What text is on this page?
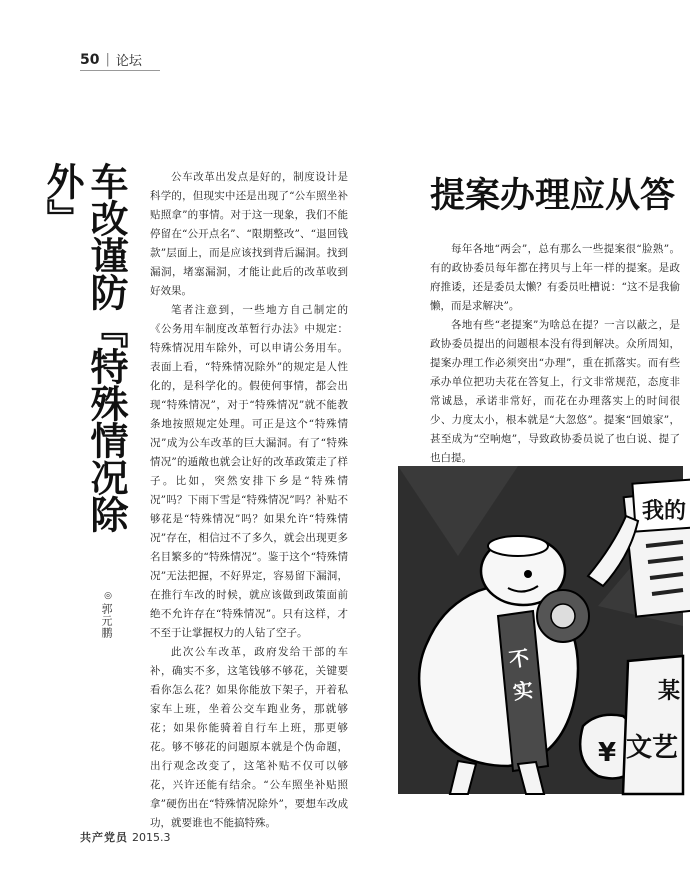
50 | 论坛
车改谨防『特殊情况除外』
◎
郭元鹏

公车改革出发点是好的，制度设计是科学的，但现实中还是出现了“公车照坐补贴照拿”的事情。对于这一现象，我们不能停留在“公开点名”、“限期整改”、“退回钱款”层面上，而是应该找到背后漏洞。找到漏洞，堵塞漏洞，才能让此后的改革收到好效果。

笔者注意到，一些地方自己制定的《公务用车制度改革暂行办法》中规定：特殊情况用车除外，可以申请公务用车。表面上看，“特殊情况除外”的规定是人性化的，是科学化的。假使何事情，都会出现“特殊情况”，对于“特殊情况”就不能教条地按照规定处理。可正是这个“特殊情况”成为公车改革的巨大漏洞。有了“特殊情况”的遁敞也就会让好的改革政策走了样子。比如，突然安排下乡是“特殊情况”吗？下雨下雪是“特殊情况”吗？补贴不够花是“特殊情况”吗？如果允许“特殊情况”存在，相信过不了多久，就会出现更多名目繁多的“特殊情况”。鉴于这个“特殊情况”无法把握，不好界定，容易留下漏洞，在推行车改的时候，就应该做到政策面前绝不允许存在“特殊情况”。只有这样，才不至于让掌握权力的人钻了空子。

此次公车改革，政府发给干部的车补，确实不多，这笔钱够不够花，关键要看你怎么花？如果你能放下架子，开着私家车上班，坐着公交车跑业务，那就够花；如果你能骑着自行车上班，那更够花。够不够花的问题原本就是个伪命题，出行观念改变了，这笔补贴不仅可以够花，兴许还能有结余。“公车照坐补贴照拿”硬伤出在“特殊情况除外”，要想车改成功，就要谁也不能搞特殊。

提案办理应从答

每年各地“两会”，总有那么一些提案很“脸熟”。有的政协委员每年都在拷贝与上年一样的提案。是政府推诿，还是委员太懒？有委员吐槽说：“这不是我偷懒，而是求解决”。

各地有些“老提案”为啥总在提？一言以蔽之，是政协委员提出的问题根本没有得到解决。众所周知，提案办理工作必须突出“办理”，重在抓落实。而有些承办单位把功夫花在答复上，行文非常规范，态度非常诚恳，承诺非常好，而花在办理落实上的时间很少、力度太小，根本就是“大忽悠”。提案“回娘家”，甚至成为“空响炮”，导致政协委员说了也白说、提了也白提。

我的
不
实
¥
某
文艺
共产党员 2015.3
